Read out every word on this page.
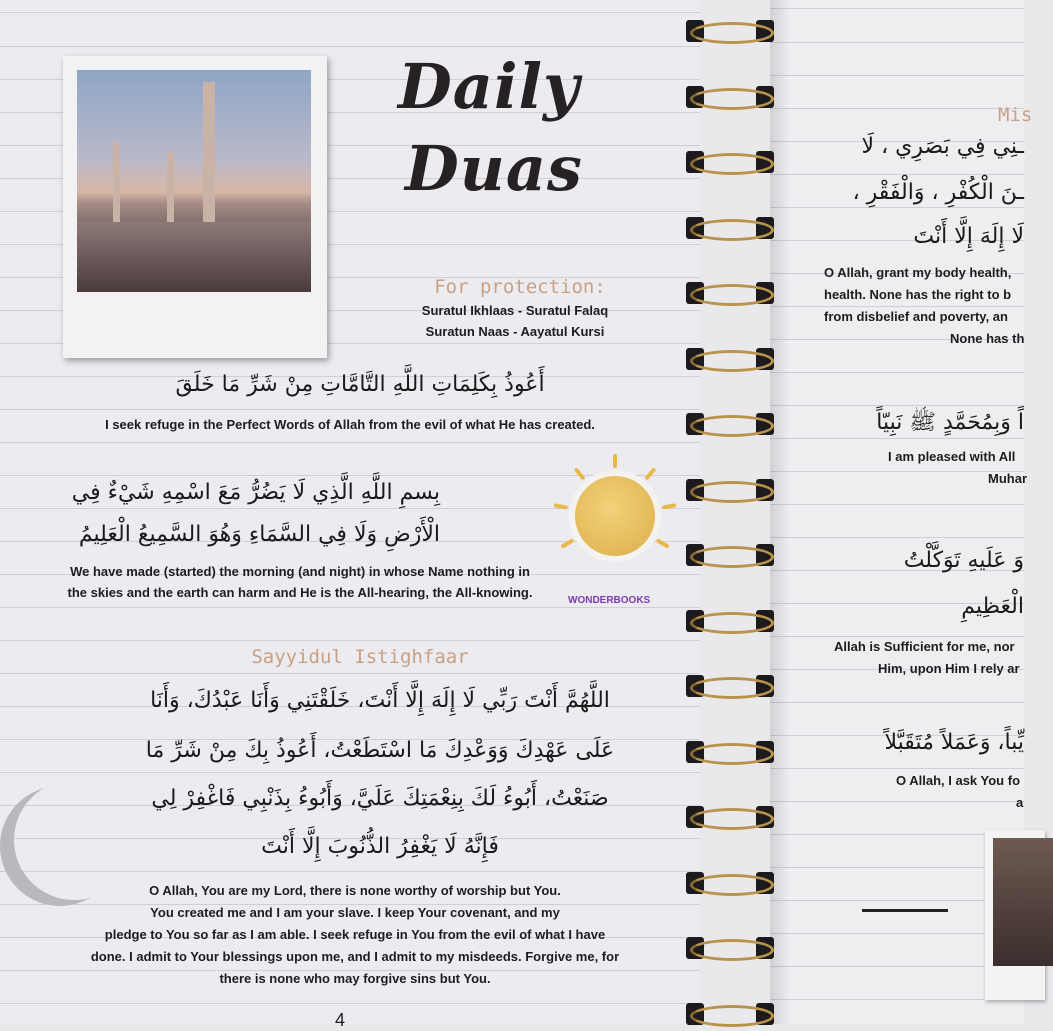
Daily
Duas
For protection:
Suratul Ikhlaas - Suratul Falaq
Suratun Naas - Aayatul Kursi
أَعُوذُ بِكَلِمَاتِ اللَّهِ التَّامَّاتِ مِنْ شَرِّ مَا خَلَقَ
I seek refuge in the Perfect Words of Allah from the evil of what He has created.
بِسمِ اللَّهِ الَّذِي لَا يَضُرُّ مَعَ اسْمِهِ شَيْءٌ فِي
الْأَرْضِ وَلَا فِي السَّمَاءِ وَهُوَ السَّمِيعُ الْعَلِيمُ
We have made (started) the morning (and night) in whose Name nothing in
the skies and the earth can harm and He is the All-hearing, the All-knowing.
WONDERBOOKS
Sayyidul Istighfaar
اللَّهُمَّ أَنْتَ رَبِّي لَا إِلَهَ إِلَّا أَنْتَ، خَلَقْتَنِي وَأَنَا عَبْدُكَ، وَأَنَا
عَلَى عَهْدِكَ وَوَعْدِكَ مَا اسْتَطَعْتُ، أَعُوذُ بِكَ مِنْ شَرِّ مَا
صَنَعْتُ، أَبُوءُ لَكَ بِنِعْمَتِكَ عَلَيَّ، وَأَبُوءُ بِذَنْبِي فَاغْفِرْ لِي
فَإِنَّهُ لَا يَغْفِرُ الذُّنُوبَ إِلَّا أَنْتَ
O Allah, You are my Lord, there is none worthy of worship but You.
You created me and I am your slave. I keep Your covenant, and my
pledge to You so far as I am able. I seek refuge in You from the evil of what I have
done. I admit to Your blessings upon me, and I admit to my misdeeds. Forgive me, for
there is none who may forgive sins but You.
4
Mis
ـنِي فِي بَصَرِي ، لَا
ـنَ الْكُفْرِ ، وَالْفَقْرِ ،
لَا إِلَهَ إِلَّا أَنْتَ
O Allah, grant my body health,
health. None has the right to b
from disbelief and poverty, an
None has th
اً وَبِمُحَمَّدٍ ﷺ نَبِيّاً
I am pleased with All
Muhar
وَ عَلَيهِ تَوَكَّلْتُ
الْعَظِيمِ
Allah is Sufficient for me, nor
Him, upon Him I rely ar
يِّباً، وَعَمَلاً مُتَقَبَّلاً
O Allah, I ask You fo
a
